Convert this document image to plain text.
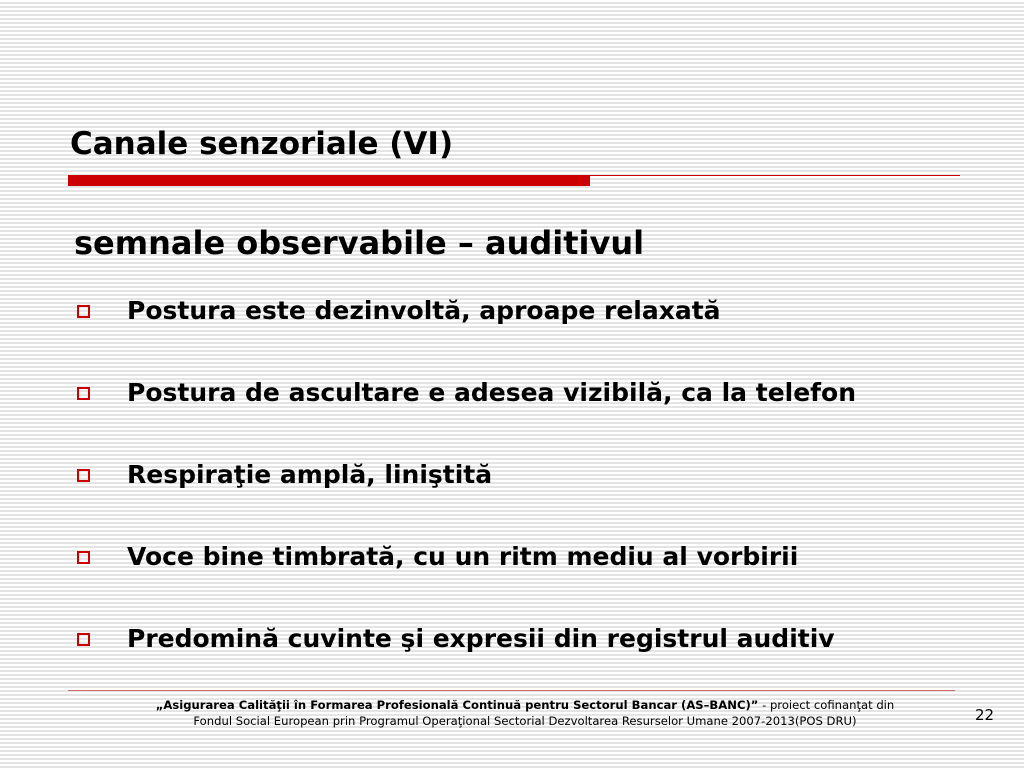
Canale senzoriale (VI)
semnale observabile – auditivul
Postura este dezinvoltă, aproape relaxată
Postura de ascultare e adesea vizibilă, ca la telefon
Respiraţie amplă, liniştită
Voce bine timbrată, cu un ritm mediu al vorbirii
Predomină cuvinte şi expresii din registrul auditiv
„Asigurarea Calităţii în Formarea Profesională Continuă pentru Sectorul Bancar (AS–BANC)” - proiect cofinanţat din
Fondul Social European prin Programul Operaţional Sectorial Dezvoltarea Resurselor Umane 2007-2013(POS DRU)	22
